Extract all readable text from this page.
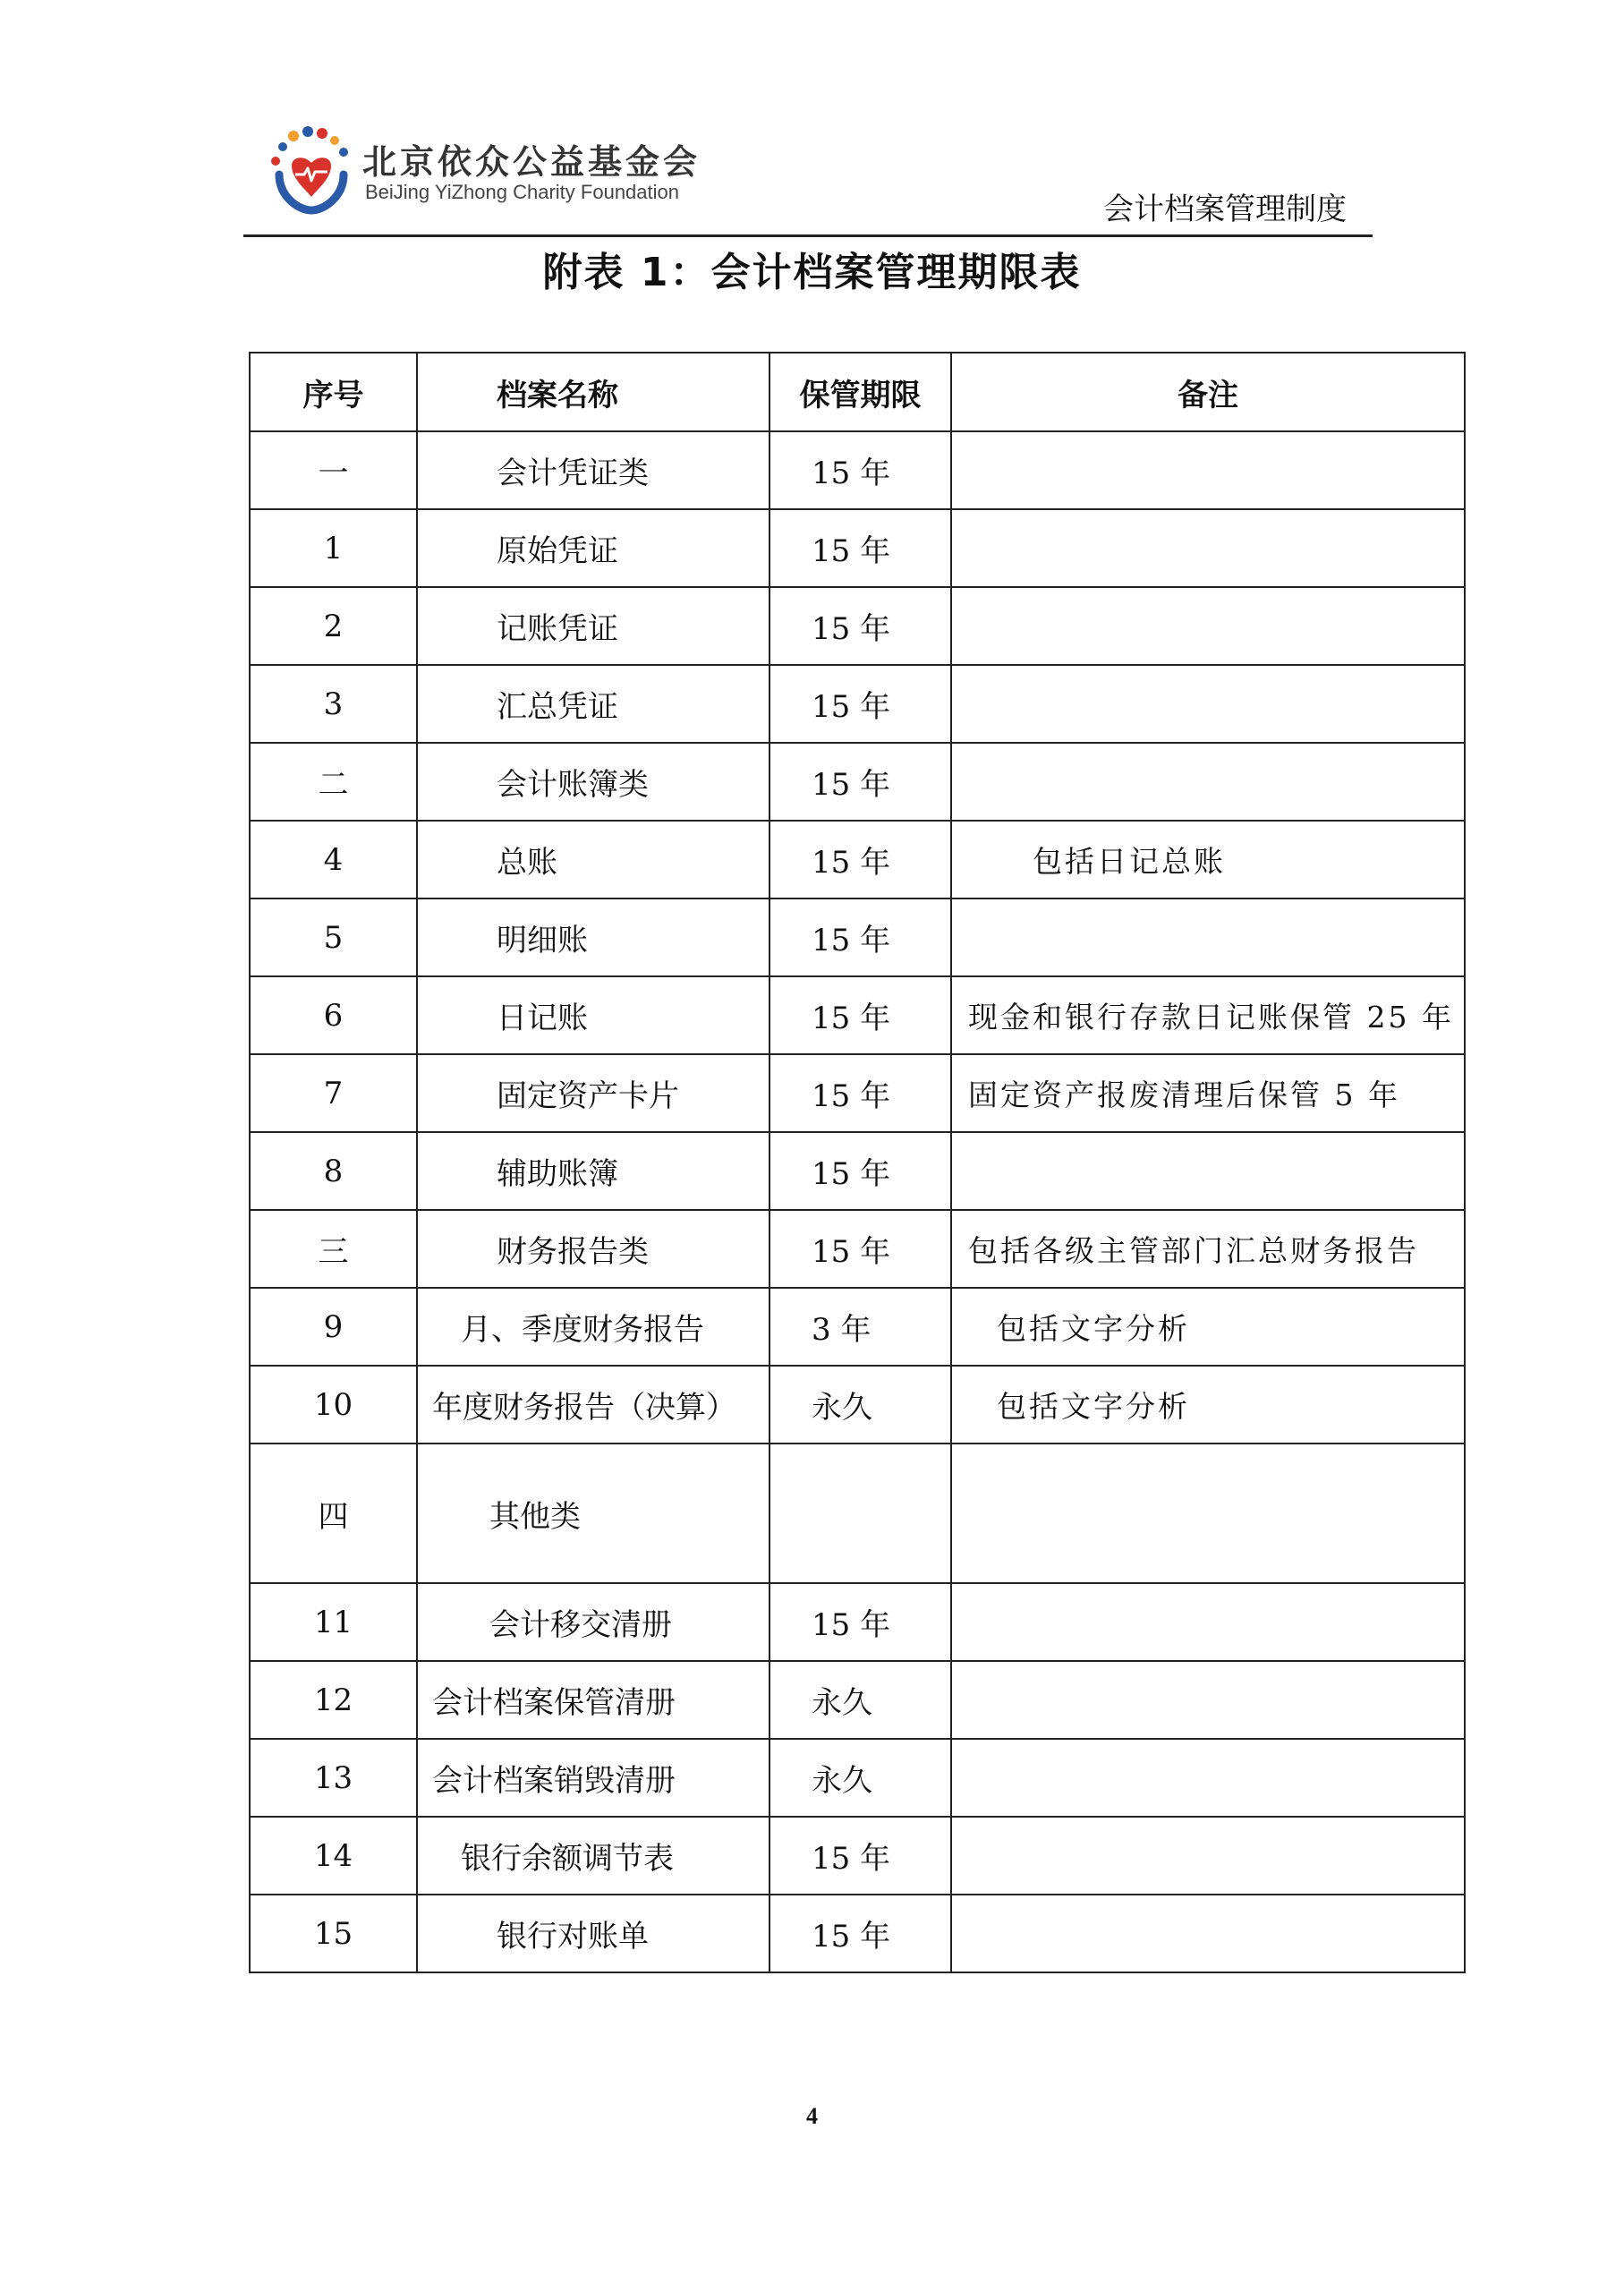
北京依众公益基金会
BeiJing YiZhong Charity Foundation	会计档案管理制度
附表 1：会计档案管理期限表
序号	档案名称	保管期限	备注
一	会计凭证类	15 年	
1	原始凭证	15 年	
2	记账凭证	15 年	
3	汇总凭证	15 年	
二	会计账簿类	15 年	
4	总账	15 年	包括日记总账
5	明细账	15 年	
6	日记账	15 年	现金和银行存款日记账保管 25 年
7	固定资产卡片	15 年	固定资产报废清理后保管 5 年
8	辅助账簿	15 年	
三	财务报告类	15 年	包括各级主管部门汇总财务报告
9	月、季度财务报告	3 年	包括文字分析
10	年度财务报告（决算）	永久	包括文字分析
四	其他类		
11	会计移交清册	15 年	
12	会计档案保管清册	永久	
13	会计档案销毁清册	永久	
14	银行余额调节表	15 年	
15	银行对账单	15 年	
4
